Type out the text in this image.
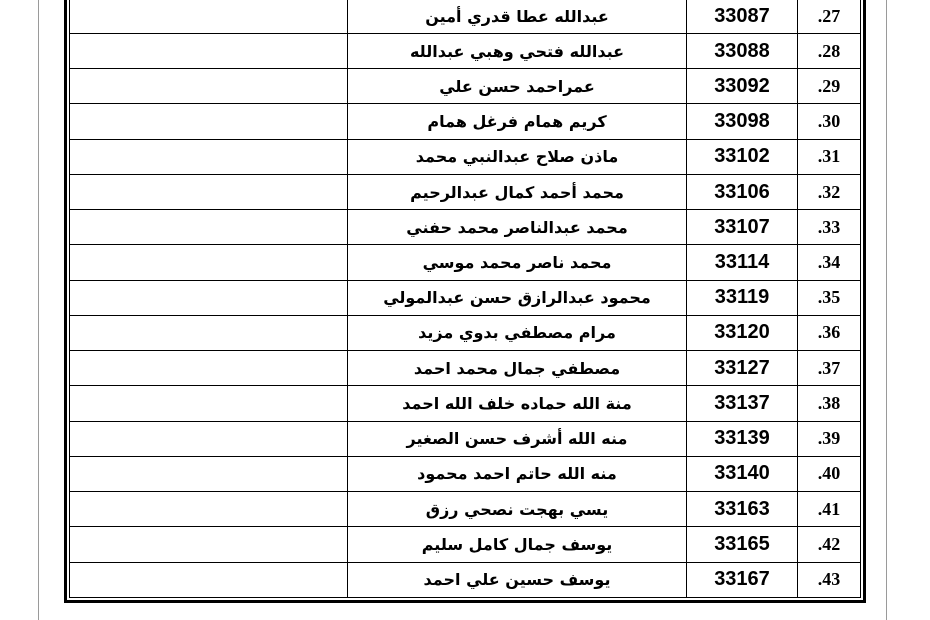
.27	33087	عبدالله عطا قدري أمين	
.28	33088	عبدالله فتحي وهبي عبدالله	
.29	33092	عمراحمد حسن علي	
.30	33098	كريم همام فرغل همام	
.31	33102	ماذن صلاح عبدالنبي محمد	
.32	33106	محمد أحمد كمال عبدالرحيم	
.33	33107	محمد عبدالناصر محمد حفني	
.34	33114	محمد ناصر محمد موسي	
.35	33119	محمود عبدالرازق حسن عبدالمولي	
.36	33120	مرام مصطفي بدوي مزيد	
.37	33127	مصطفي جمال محمد احمد	
.38	33137	منة الله حماده خلف الله احمد	
.39	33139	منه الله أشرف حسن الصغير	
.40	33140	منه الله حاتم احمد محمود	
.41	33163	يسي بهجت نصحي رزق	
.42	33165	يوسف جمال كامل سليم	
.43	33167	يوسف حسين علي احمد	
